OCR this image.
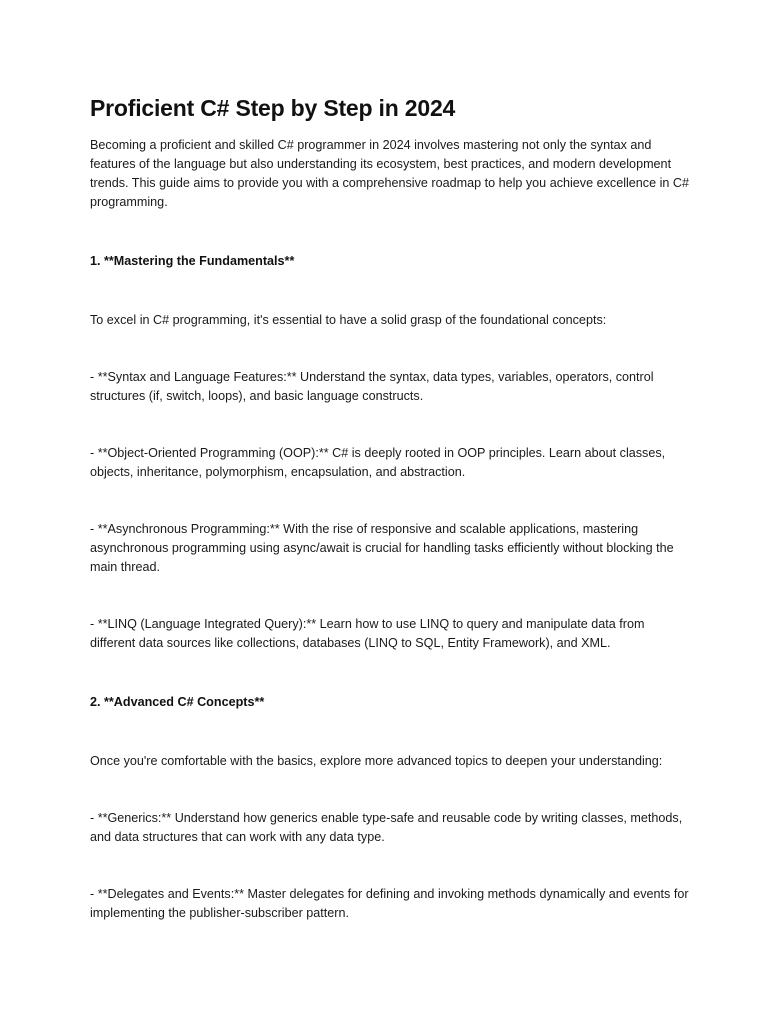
Proficient C# Step by Step in 2024

Becoming a proficient and skilled C# programmer in 2024 involves mastering not only the syntax and features of the language but also understanding its ecosystem, best practices, and modern development trends. This guide aims to provide you with a comprehensive roadmap to help you achieve excellence in C# programming.

1. **Mastering the Fundamentals**

To excel in C# programming, it's essential to have a solid grasp of the foundational concepts:

- **Syntax and Language Features:** Understand the syntax, data types, variables, operators, control structures (if, switch, loops), and basic language constructs.

- **Object-Oriented Programming (OOP):** C# is deeply rooted in OOP principles. Learn about classes, objects, inheritance, polymorphism, encapsulation, and abstraction.

- **Asynchronous Programming:** With the rise of responsive and scalable applications, mastering asynchronous programming using async/await is crucial for handling tasks efficiently without blocking the main thread.

- **LINQ (Language Integrated Query):** Learn how to use LINQ to query and manipulate data from different data sources like collections, databases (LINQ to SQL, Entity Framework), and XML.

2. **Advanced C# Concepts**

Once you're comfortable with the basics, explore more advanced topics to deepen your understanding:

- **Generics:** Understand how generics enable type-safe and reusable code by writing classes, methods, and data structures that can work with any data type.

- **Delegates and Events:** Master delegates for defining and invoking methods dynamically and events for implementing the publisher-subscriber pattern.
